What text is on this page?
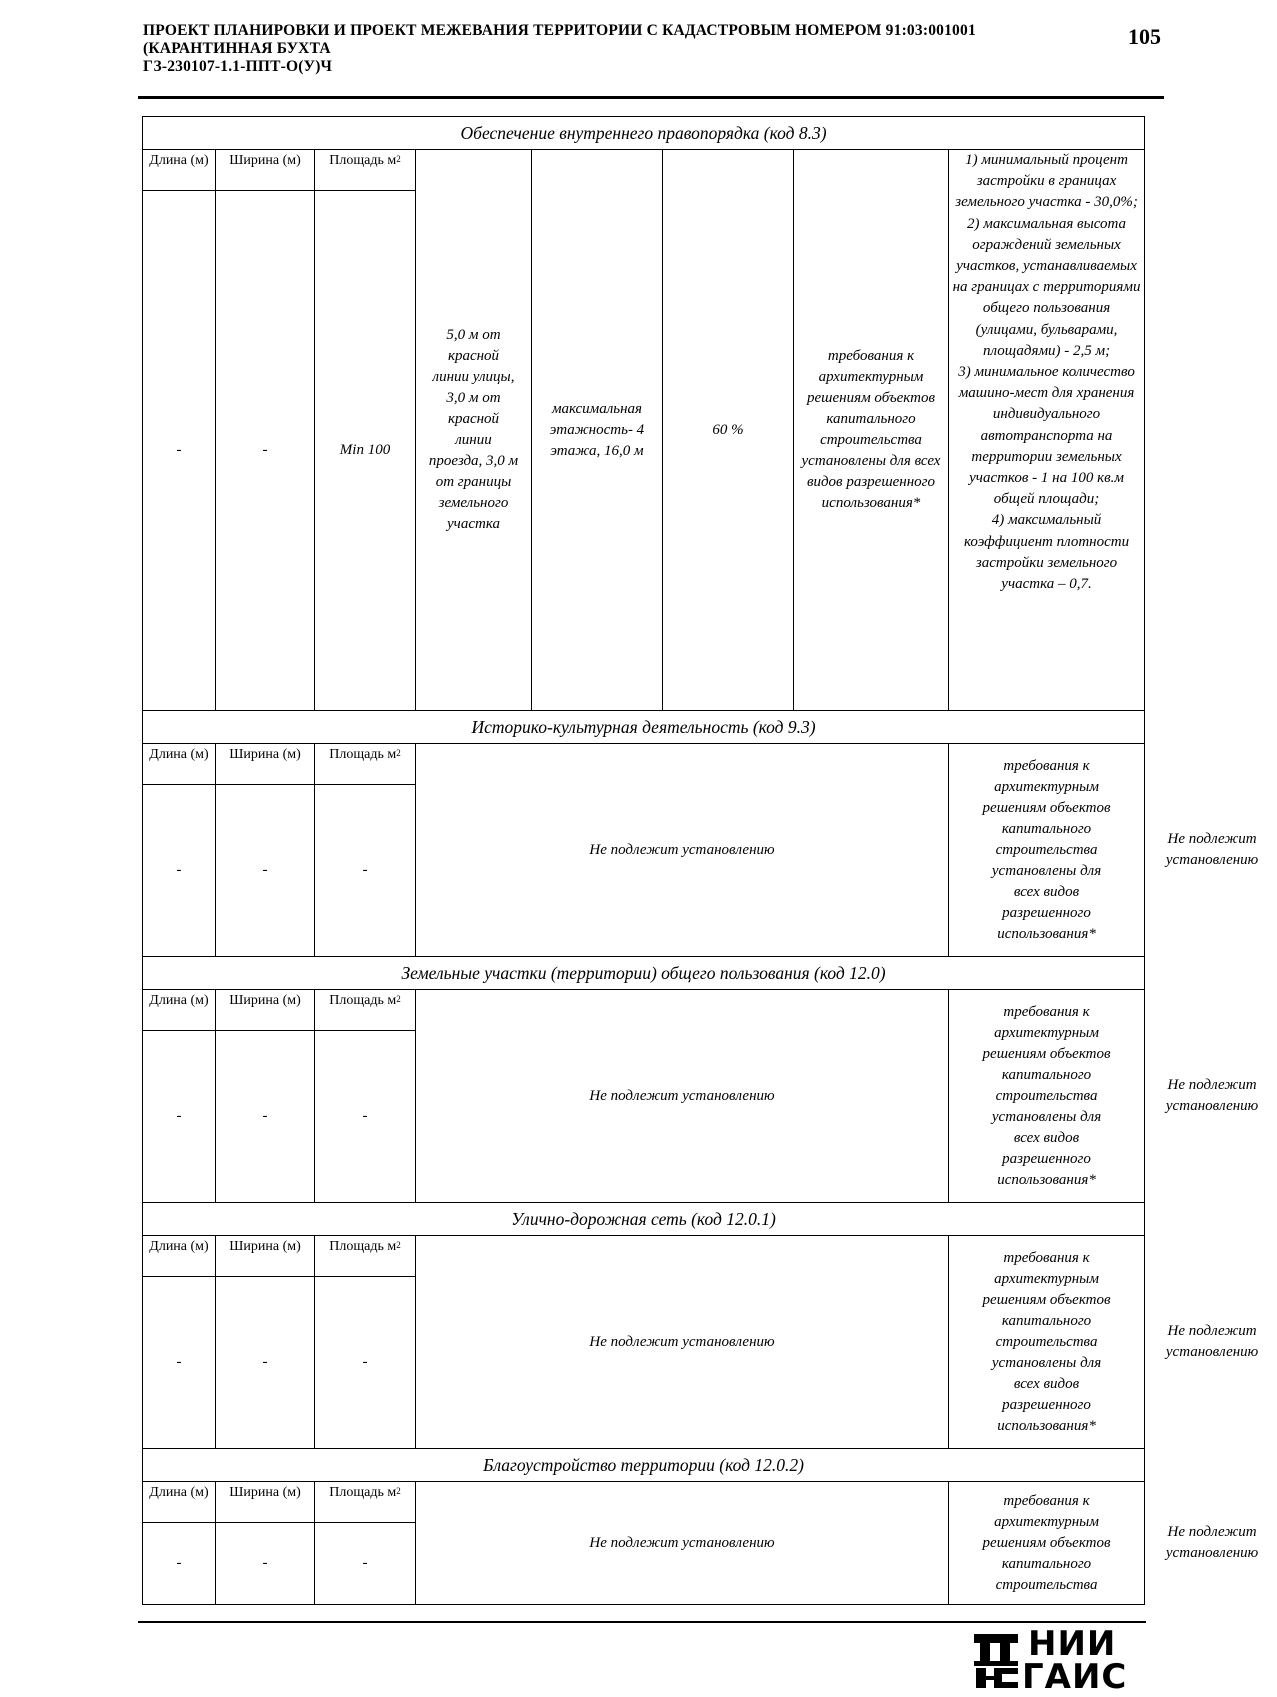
ПРОЕКТ ПЛАНИРОВКИ И ПРОЕКТ МЕЖЕВАНИЯ ТЕРРИТОРИИ С КАДАСТРОВЫМ НОМЕРОМ 91:03:001001
(КАРАНТИННАЯ БУХТА
ГЗ-230107-1.1-ППТ-О(У)Ч
105
Обеспечение внутреннего правопорядка (код 8.3)								
Длина (м)	Ширина (м)	Площадь $м^2$	5,0 м от красной линии улицы, 3,0 м от красной линии проезда, 3,0 м от границы земельного участка	максимальная этажность- 4 этажа, 16,0 м	60 %	требования к архитектурным решениям объектов капитального строительства установлены для всех видов разрешенного использования*	1) минимальный процент застройки в границах земельного участка - 30,0%;
2) максимальная высота ограждений земельных участков, устанавливаемых на границах с территориями общего пользования (улицами, бульварами, площадями) - 2,5 м;
3) минимальное количество машино-мест для хранения индивидуального автотранспорта на территории земельных участков - 1 на 100 кв.м общей площади;
4) максимальный коэффициент плотности застройки земельного участка – 0,7.	

-	-	Min 100						
Историко-культурная деятельность (код 9.3)								
Длина (м)	Ширина (м)	Площадь $м^2$	Не подлежит установлению				требования к архитектурным решениям объектов капитального строительства установлены для всех видов разрешенного использования*	Не подлежит установлению

-	-	-						
Земельные участки (территории) общего пользования (код 12.0)								
Длина (м)	Ширина (м)	Площадь $м^2$	Не подлежит установлению				требования к архитектурным решениям объектов капитального строительства установлены для всех видов разрешенного использования*	Не подлежит установлению

-	-	-						
Улично-дорожная сеть (код 12.0.1)								
Длина (м)	Ширина (м)	Площадь $м^2$	Не подлежит установлению				требования к архитектурным решениям объектов капитального строительства установлены для всех видов разрешенного использования*	Не подлежит установлению

-	-	-						
Благоустройство территории (код 12.0.2)								
Длина (м)	Ширина (м)	Площадь $м^2$	Не подлежит установлению				требования к архитектурным решениям объектов капитального строительства	Не подлежит установлению

-	-	-						
НИИ
ГАИС
